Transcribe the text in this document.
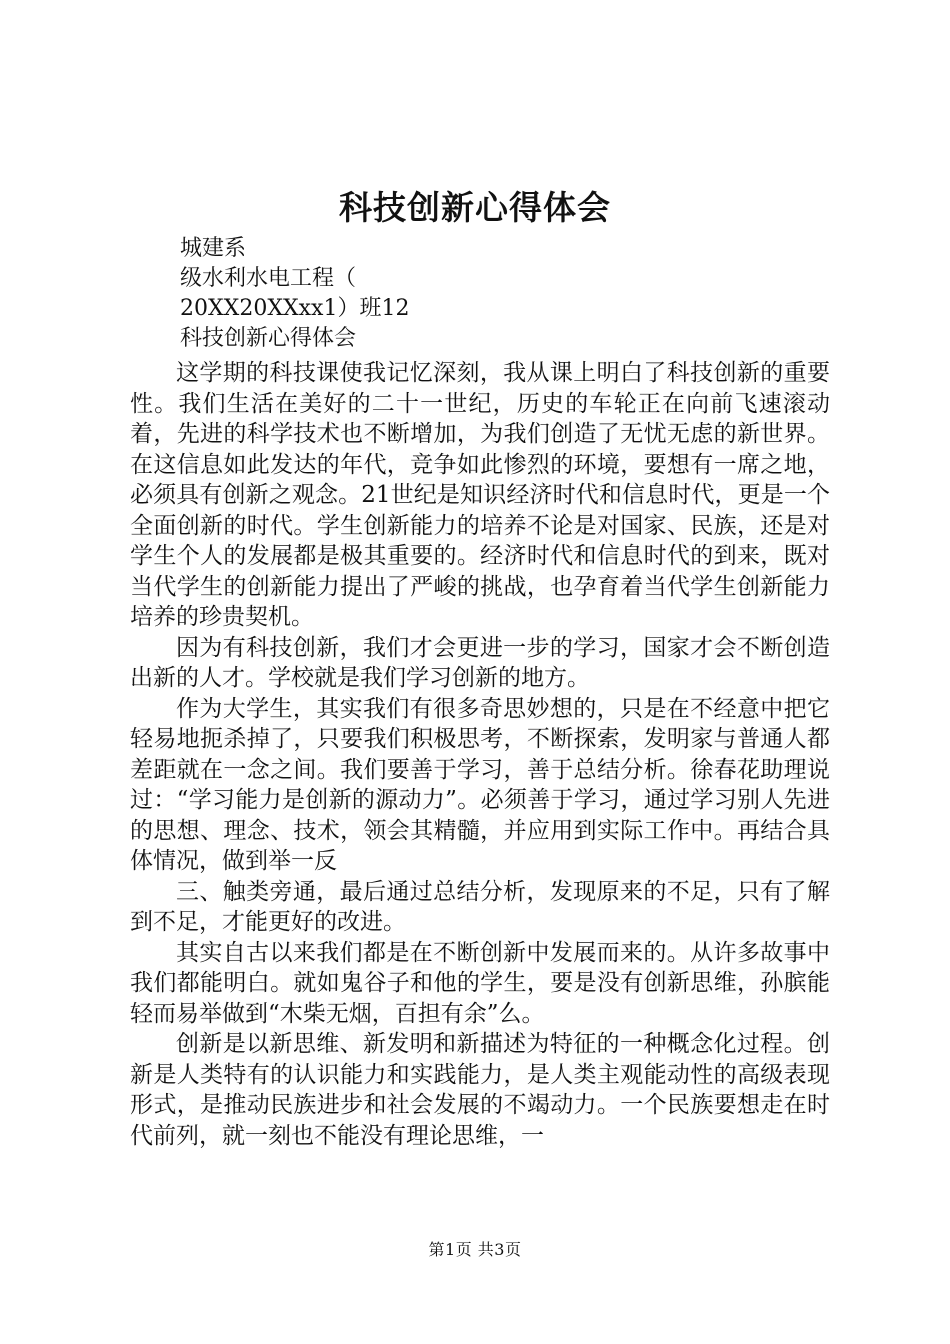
科技创新心得体会
城建系
级水利水电工程（
20XX20XXxx1）班12
科技创新心得体会

这学期的科技课使我记忆深刻，我从课上明白了科技创新的重要性。我们生活在美好的二十一世纪，历史的车轮正在向前飞速滚动着，先进的科学技术也不断增加，为我们创造了无忧无虑的新世界。在这信息如此发达的年代，竞争如此惨烈的环境，要想有一席之地，必须具有创新之观念。21世纪是知识经济时代和信息时代，更是一个全面创新的时代。学生创新能力的培养不论是对国家、民族，还是对学生个人的发展都是极其重要的。经济时代和信息时代的到来，既对当代学生的创新能力提出了严峻的挑战，也孕育着当代学生创新能力培养的珍贵契机。

因为有科技创新，我们才会更进一步的学习，国家才会不断创造出新的人才。学校就是我们学习创新的地方。

作为大学生，其实我们有很多奇思妙想的，只是在不经意中把它轻易地扼杀掉了，只要我们积极思考，不断探索，发明家与普通人都差距就在一念之间。我们要善于学习，善于总结分析。徐春花助理说过：“学习能力是创新的源动力”。必须善于学习，通过学习别人先进的思想、理念、技术，领会其精髓，并应用到实际工作中。再结合具体情况，做到举一反

三、触类旁通，最后通过总结分析，发现原来的不足，只有了解到不足，才能更好的改进。

其实自古以来我们都是在不断创新中发展而来的。从许多故事中我们都能明白。就如鬼谷子和他的学生，要是没有创新思维，孙膑能轻而易举做到“木柴无烟，百担有余”么。

创新是以新思维、新发明和新描述为特征的一种概念化过程。创新是人类特有的认识能力和实践能力，是人类主观能动性的高级表现形式，是推动民族进步和社会发展的不竭动力。一个民族要想走在时代前列，就一刻也不能没有理论思维，一

第1页 共3页
